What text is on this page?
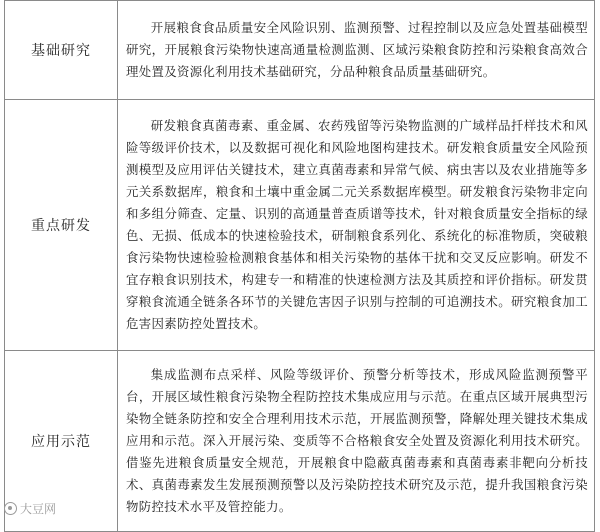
基础研究	开展粮食食品质量安全风险识别、监测预警、过程控制以及应急处置基础模型研究，开展粮食污染物快速高通量检测监测、区域污染粮食防控和污染粮食高效合理处置及资源化利用技术基础研究，分品种粮食品质量基础研究。
重点研发	研发粮食真菌毒素、重金属、农药残留等污染物监测的广域样品扦样技术和风险等级评价技术，以及数据可视化和风险地图构建技术。研发粮食质量安全风险预测模型及应用评估关键技术，建立真菌毒素和异常气候、病虫害以及农业措施等多元关系数据库，粮食和土壤中重金属二元关系数据库模型。研发粮食污染物非定向和多组分筛查、定量、识别的高通量普查质谱等技术，针对粮食质量安全指标的绿色、无损、低成本的快速检验技术，研制粮食系列化、系统化的标准物质，突破粮食污染物快速检验检测粮食基体和相关污染物的基体干扰和交叉反应影响。研发不宜存粮食识别技术，构建专一和精准的快速检测方法及其质控和评价指标。研发贯穿粮食流通全链条各环节的关键危害因子识别与控制的可追溯技术。研究粮食加工危害因素防控处置技术。
应用示范	集成监测布点采样、风险等级评价、预警分析等技术，形成风险监测预警平台，开展区域性粮食污染物全程防控技术集成应用与示范。在重点区域开展典型污染物全链条防控和安全合理利用技术示范，开展监测预警，降解处理关键技术集成应用和示范。深入开展污染、变质等不合格粮食安全处置及资源化利用技术研究。借鉴先进粮食质量安全规范，开展粮食中隐蔽真菌毒素和真菌毒素非靶向分析技术、真菌毒素发生发展预测预警以及污染防控技术研究及示范，提升我国粮食污染物防控技术水平及管控能力。
大豆网
